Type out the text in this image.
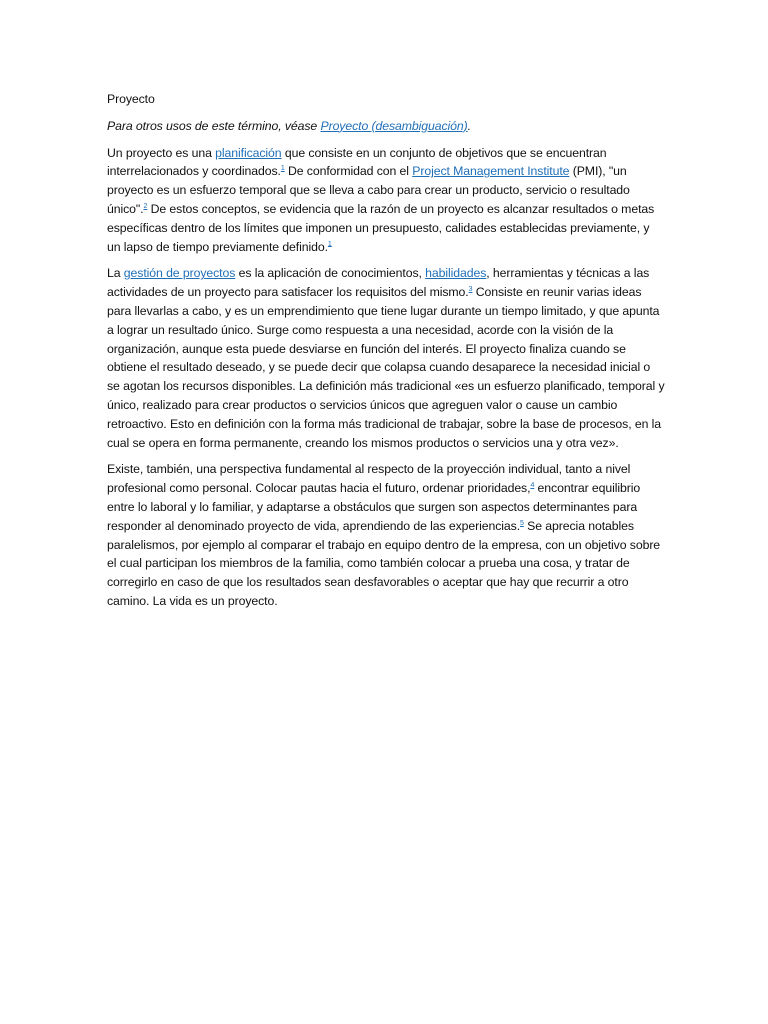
Proyecto

Para otros usos de este término, véase Proyecto (desambiguación).

Un proyecto es una planificación que consiste en un conjunto de objetivos que se encuentran interrelacionados y coordinados.$^1$ De conformidad con el Project Management Institute (PMI), "un proyecto es un esfuerzo temporal que se lleva a cabo para crear un producto, servicio o resultado único".$^2$ De estos conceptos, se evidencia que la razón de un proyecto es alcanzar resultados o metas específicas dentro de los límites que imponen un presupuesto, calidades establecidas previamente, y un lapso de tiempo previamente definido.$^1$

La gestión de proyectos es la aplicación de conocimientos, habilidades, herramientas y técnicas a las actividades de un proyecto para satisfacer los requisitos del mismo.$^3$ Consiste en reunir varias ideas para llevarlas a cabo, y es un emprendimiento que tiene lugar durante un tiempo limitado, y que apunta a lograr un resultado único. Surge como respuesta a una necesidad, acorde con la visión de la organización, aunque esta puede desviarse en función del interés. El proyecto finaliza cuando se obtiene el resultado deseado, y se puede decir que colapsa cuando desaparece la necesidad inicial o se agotan los recursos disponibles. La definición más tradicional «es un esfuerzo planificado, temporal y único, realizado para crear productos o servicios únicos que agreguen valor o cause un cambio retroactivo. Esto en definición con la forma más tradicional de trabajar, sobre la base de procesos, en la cual se opera en forma permanente, creando los mismos productos o servicios una y otra vez».

Existe, también, una perspectiva fundamental al respecto de la proyección individual, tanto a nivel profesional como personal. Colocar pautas hacia el futuro, ordenar prioridades,$^4$ encontrar equilibrio entre lo laboral y lo familiar, y adaptarse a obstáculos que surgen son aspectos determinantes para responder al denominado proyecto de vida, aprendiendo de las experiencias.$^5$ Se aprecia notables paralelismos, por ejemplo al comparar el trabajo en equipo dentro de la empresa, con un objetivo sobre el cual participan los miembros de la familia, como también colocar a prueba una cosa, y tratar de corregirlo en caso de que los resultados sean desfavorables o aceptar que hay que recurrir a otro camino. La vida es un proyecto.
